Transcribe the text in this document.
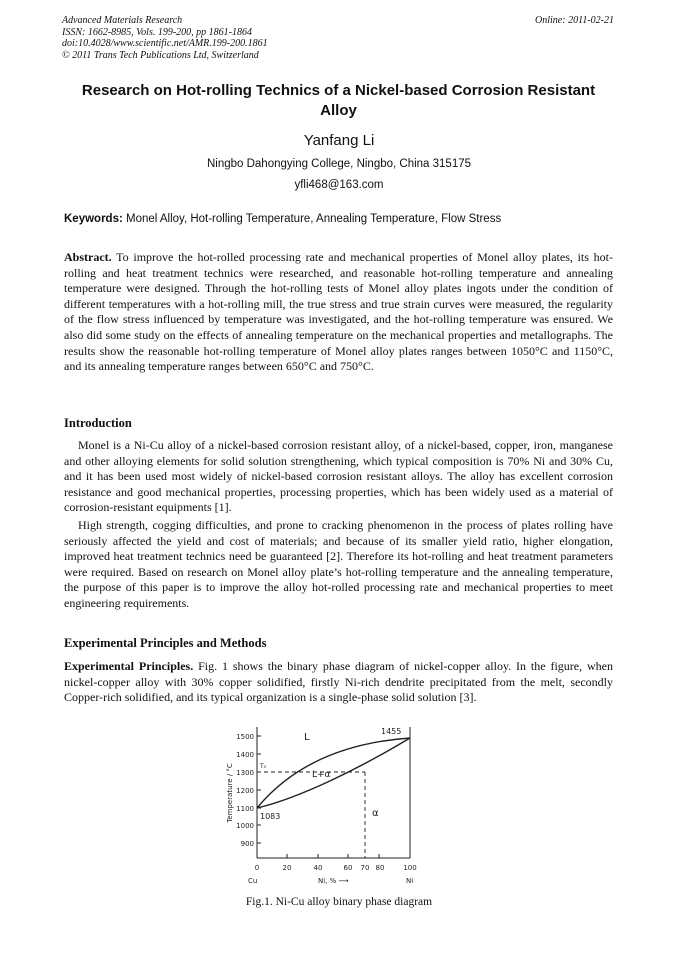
Advanced Materials Research
ISSN: 1662-8985, Vols. 199-200, pp 1861-1864
doi:10.4028/www.scientific.net/AMR.199-200.1861
© 2011 Trans Tech Publications Ltd, Switzerland
Online: 2011-02-21
Research on Hot-rolling Technics of a Nickel-based Corrosion Resistant Alloy
Yanfang Li
Ningbo Dahongying College, Ningbo, China 315175
yfli468@163.com
Keywords: Monel Alloy, Hot-rolling Temperature, Annealing Temperature, Flow Stress

Abstract. To improve the hot-rolled processing rate and mechanical properties of Monel alloy plates, its hot-rolling and heat treatment technics were researched, and reasonable hot-rolling temperature and annealing temperature were designed. Through the hot-rolling tests of Monel alloy plates ingots under the condition of different temperatures with a hot-rolling mill, the true stress and true strain curves were measured, the regularity of the flow stress influenced by temperature was investigated, and the hot-rolling temperature was ensured. We also did some study on the effects of annealing temperature on the mechanical properties and metallographs. The results show the reasonable hot-rolling temperature of Monel alloy plates ranges between 1050°C and 1150°C, and its annealing temperature ranges between 650°C and 750°C.

Introduction

Monel is a Ni-Cu alloy of a nickel-based corrosion resistant alloy, of a nickel-based, copper, iron, manganese and other alloying elements for solid solution strengthening, which typical composition is 70% Ni and 30% Cu, and it has been used most widely of nickel-based corrosion resistant alloys. The alloy has excellent corrosion resistance and good mechanical properties, processing properties, which has been widely used as a material of corrosion-resistant equipments [1].

High strength, cogging difficulties, and prone to cracking phenomenon in the process of plates rolling have seriously affected the yield and cost of materials; and because of its smaller yield ratio, higher elongation, improved heat treatment technics need be guaranteed [2]. Therefore its hot-rolling and heat treatment parameters were required. Based on research on Monel alloy plate’s hot-rolling temperature and the annealing temperature, the purpose of this paper is to improve the alloy hot-rolled processing rate and mechanical properties to meet engineering requirements.

Experimental Principles and Methods

Experimental Principles. Fig. 1 shows the binary phase diagram of nickel-copper alloy. In the figure, when nickel-copper alloy with 30% copper solidified, firstly Ni-rich dendrite precipitated from the melt, secondly Copper-rich solidified, and its typical organization is a single-phase solid solution [3].

1500
1400
1300
1200
1100
1000
900
Temperature / °C
0	20	40	60 70 80	100
Cu	Ni, % ⟶	Ni
L
L+α
α
1083
1455
T₀
Fig.1. Ni-Cu alloy binary phase diagram
